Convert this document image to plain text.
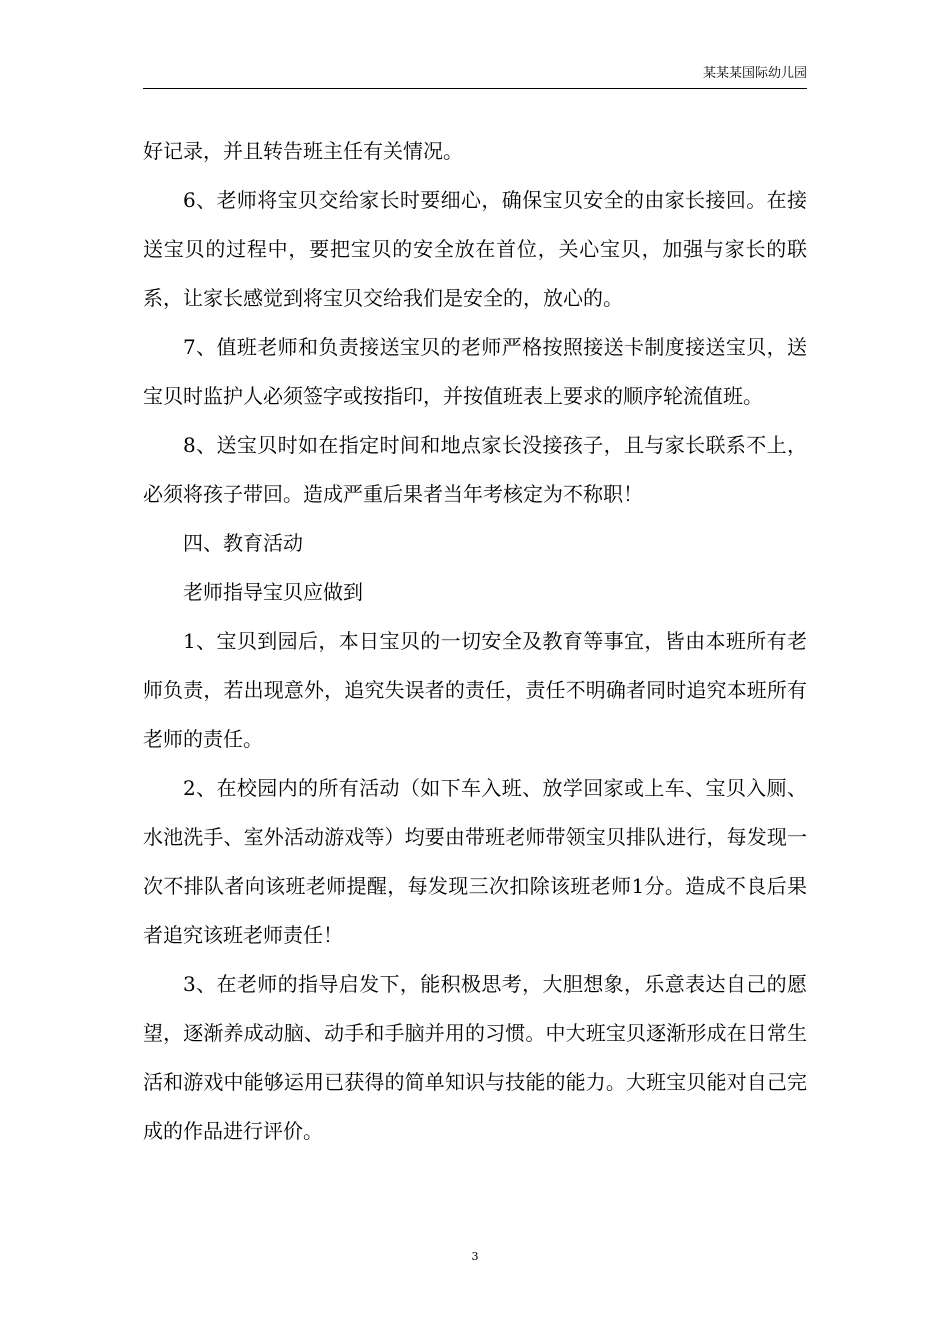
某某某国际幼儿园

好记录，并且转告班主任有关情况。

6、老师将宝贝交给家长时要细心，确保宝贝安全的由家长接回。在接送宝贝的过程中，要把宝贝的安全放在首位，关心宝贝，加强与家长的联系，让家长感觉到将宝贝交给我们是安全的，放心的。

7、值班老师和负责接送宝贝的老师严格按照接送卡制度接送宝贝，送宝贝时监护人必须签字或按指印，并按值班表上要求的顺序轮流值班。

8、送宝贝时如在指定时间和地点家长没接孩子，且与家长联系不上，必须将孩子带回。造成严重后果者当年考核定为不称职！

四、教育活动

老师指导宝贝应做到

1、宝贝到园后，本日宝贝的一切安全及教育等事宜，皆由本班所有老师负责，若出现意外，追究失误者的责任，责任不明确者同时追究本班所有老师的责任。

2、在校园内的所有活动（如下车入班、放学回家或上车、宝贝入厕、水池洗手、室外活动游戏等）均要由带班老师带领宝贝排队进行，每发现一次不排队者向该班老师提醒，每发现三次扣除该班老师1分。造成不良后果者追究该班老师责任！

3、在老师的指导启发下，能积极思考，大胆想象，乐意表达自己的愿望，逐渐养成动脑、动手和手脑并用的习惯。中大班宝贝逐渐形成在日常生活和游戏中能够运用已获得的简单知识与技能的能力。大班宝贝能对自己完成的作品进行评价。

3
